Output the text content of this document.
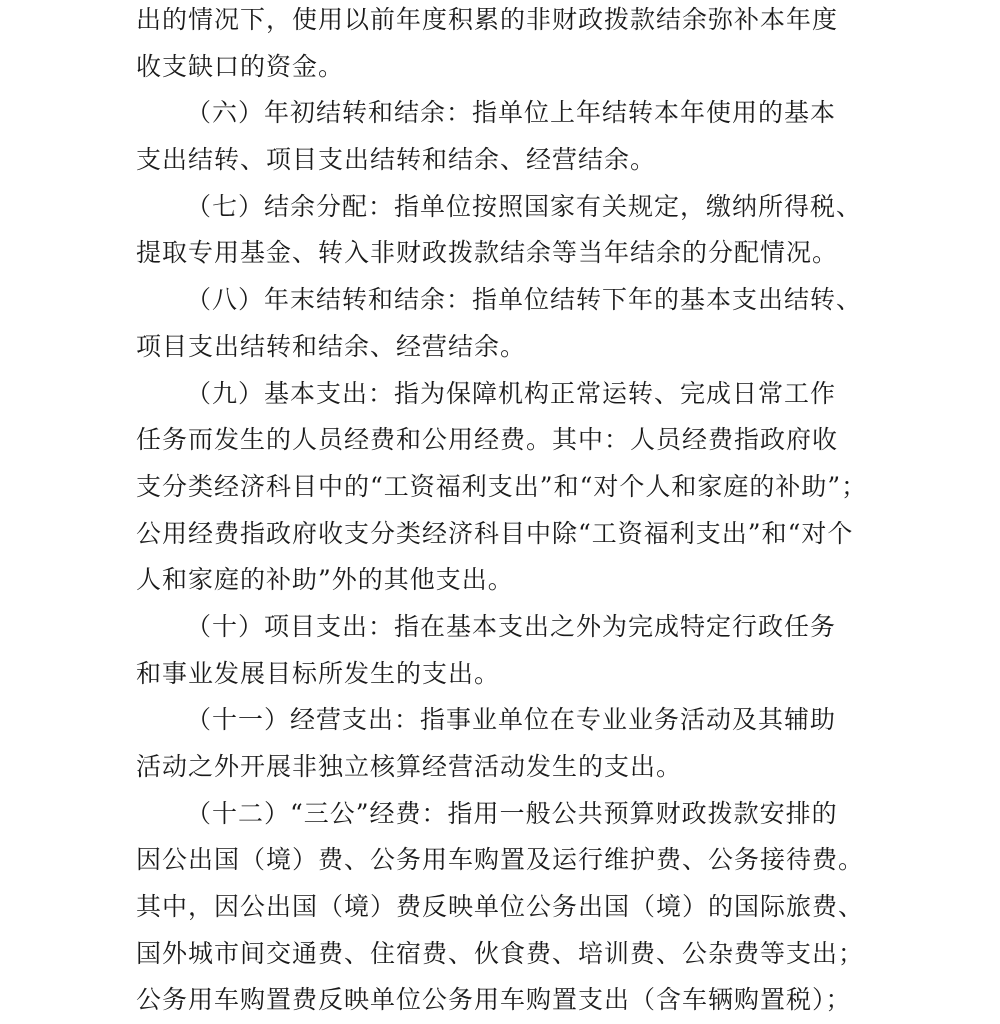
出的情况下，使用以前年度积累的非财政拨款结余弥补本年度
收支缺口的资金。
（六）年初结转和结余：指单位上年结转本年使用的基本
支出结转、项目支出结转和结余、经营结余。
（七）结余分配：指单位按照国家有关规定，缴纳所得税、
提取专用基金、转入非财政拨款结余等当年结余的分配情况。
（八）年末结转和结余：指单位结转下年的基本支出结转、
项目支出结转和结余、经营结余。
（九）基本支出：指为保障机构正常运转、完成日常工作
任务而发生的人员经费和公用经费。其中：人员经费指政府收
支分类经济科目中的“工资福利支出”和“对个人和家庭的补助”；
公用经费指政府收支分类经济科目中除“工资福利支出”和“对个
人和家庭的补助”外的其他支出。
（十）项目支出：指在基本支出之外为完成特定行政任务
和事业发展目标所发生的支出。
（十一）经营支出：指事业单位在专业业务活动及其辅助
活动之外开展非独立核算经营活动发生的支出。
（十二）“三公”经费：指用一般公共预算财政拨款安排的
因公出国（境）费、公务用车购置及运行维护费、公务接待费。
其中，因公出国（境）费反映单位公务出国（境）的国际旅费、
国外城市间交通费、住宿费、伙食费、培训费、公杂费等支出；
公务用车购置费反映单位公务用车购置支出（含车辆购置税）；
